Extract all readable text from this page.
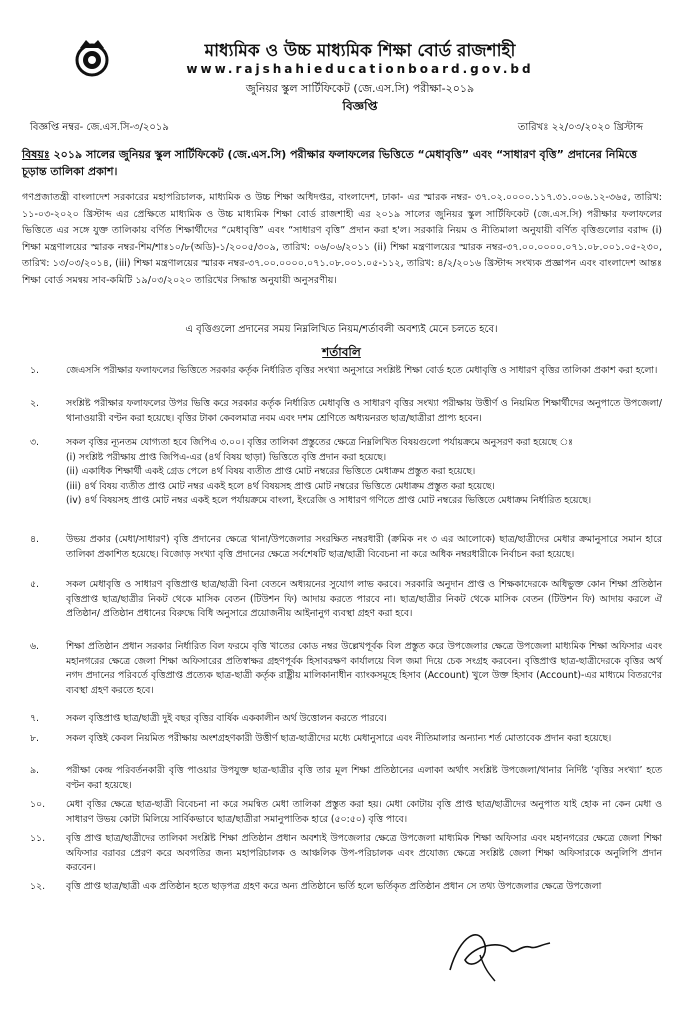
মাধ্যমিক ও উচ্চ মাধ্যমিক শিক্ষা বোর্ড রাজশাহী
www.rajshahieducationboard.gov.bd
জুনিয়র স্কুল সার্টিফিকেট (জে.এস.সি) পরীক্ষা-২০১৯
বিজ্ঞপ্তি
বিজ্ঞপ্তি নম্বর- জে.এস.সি-৩/২০১৯	তারিখঃ ২২/০৩/২০২০ খ্রিস্টাব্দ
বিষয়ঃ ২০১৯ সালের জুনিয়র স্কুল সার্টিফিকেট (জে.এস.সি) পরীক্ষার ফলাফলের ভিত্তিতে “মেধাবৃত্তি” এবং “সাধারণ বৃত্তি” প্রদানের নিমিত্তে চূড়ান্ত তালিকা প্রকাশ।
গণপ্রজাতন্ত্রী বাংলাদেশ সরকারের মহাপরিচালক, মাধ্যমিক ও উচ্চ শিক্ষা অধিদপ্তর, বাংলাদেশ, ঢাকা- এর স্মারক নম্বর- ৩৭.০২.০০০০.১১৭.৩১.০০৬.১২-৩৬৫, তারিখ: ১১-০৩-২০২০ খ্রিস্টাব্দ এর প্রেক্ষিতে মাধ্যমিক ও উচ্চ মাধ্যমিক শিক্ষা বোর্ড রাজশাহী এর ২০১৯ সালের জুনিয়র স্কুল সার্টিফিকেট (জে.এস.সি) পরীক্ষার ফলাফলের ভিত্তিতে এর সঙ্গে যুক্ত তালিকায় বর্ণিত শিক্ষার্থীদের “মেধাবৃত্তি” এবং “সাধারণ বৃত্তি” প্রদান করা হ'ল। সরকারি নিয়ম ও নীতিমালা অনুযায়ী বর্ণিত বৃত্তিগুলোর বরাদ্দ (i) শিক্ষা মন্ত্রণালয়ের স্মারক নম্বর-শিম/শাঃ১০/৮(অডি)-১/২০০৫/৩০৯, তারিখ: ০৬/০৬/২০১১ (ii) শিক্ষা মন্ত্রণালয়ের স্মারক নম্বর-৩৭.০০.০০০০.০৭১.০৮.০০১.০৫-২৩০, তারিখ: ১৩/০৩/২০১৪, (iii) শিক্ষা মন্ত্রণালয়ের স্মারক নম্বর-৩৭.০০.০০০০.০৭১.০৮.০০১.০৫-১১২, তারিখ: ৪/২/২০১৬ খ্রিস্টাব্দ সংখ্যক প্রজ্ঞাপন এবং বাংলাদেশ আন্তঃ শিক্ষা বোর্ড সমন্বয় সাব-কমিটি ১৯/০৩/২০২০ তারিখের সিদ্ধান্ত অনুযায়ী অনুসরণীয়।
এ বৃত্তিগুলো প্রদানের সময় নিম্নলিখিত নিয়ম/শর্তাবলী অবশ্যই মেনে চলতে হবে।
শর্তাবলি
১.	জেএসসি পরীক্ষার ফলাফলের ভিত্তিতে সরকার কর্তৃক নির্ধারিত বৃত্তির সংখ্যা অনুসারে সংশ্লিষ্ট শিক্ষা বোর্ড হতে মেধাবৃত্তি ও সাধারণ বৃত্তির তালিকা প্রকাশ করা হলো।
২.	সংশ্লিষ্ট পরীক্ষার ফলাফলের উপর ভিত্তি করে সরকার কর্তৃক নির্ধারিত মেধাবৃত্তি ও সাধারণ বৃত্তির সংখ্যা পরীক্ষায় উত্তীর্ণ ও নিয়মিত শিক্ষার্থীদের অনুপাতে উপজেলা/থানাওয়ারী বণ্টন করা হয়েছে। বৃত্তির টাকা কেবলমাত্র নবম এবং দশম শ্রেণিতে অধ্যয়নরত ছাত্র/ছাত্রীরা প্রাপ্য হবেন।
৩.	সকল বৃত্তির ন্যূনতম যোগ্যতা হবে জিপিএ ৩.০০। বৃত্তির তালিকা প্রস্তুতের ক্ষেত্রে নিম্নলিখিত বিষয়গুলো পর্যায়ক্রমে অনুসরণ করা হয়েছে ঃ
(i) সংশ্লিষ্ট পরীক্ষায় প্রাপ্ত জিপিএ-এর (৪র্থ বিষয় ছাড়া) ভিত্তিতে বৃত্তি প্রদান করা হয়েছে।
(ii) একাধিক শিক্ষার্থী একই গ্রেড পেলে ৪র্থ বিষয় ব্যতীত প্রাপ্ত মোট নম্বরের ভিত্তিতে মেধাক্রম প্রস্তুত করা হয়েছে।
(iii) ৪র্থ বিষয় ব্যতীত প্রাপ্ত মোট নম্বর একই হলে ৪র্থ বিষয়সহ প্রাপ্ত মোট নম্বরের ভিত্তিতে মেধাক্রম প্রস্তুত করা হয়েছে।
(iv) ৪র্থ বিষয়সহ প্রাপ্ত মোট নম্বর একই হলে পর্যায়ক্রমে বাংলা, ইংরেজি ও সাধারণ গণিতে প্রাপ্ত মোট নম্বরের ভিত্তিতে মেধাক্রম নির্ধারিত হয়েছে।
৪.	উভয় প্রকার (মেধা/সাধারণ) বৃত্তি প্রদানের ক্ষেত্রে থানা/উপজেলার সংরক্ষিত নম্বরধারী (ক্রমিক নং ৩ এর আলোকে) ছাত্র/ছাত্রীদের মেধার ক্রমানুসারে সমান হারে তালিকা প্রকাশিত হয়েছে। বিজোড় সংখ্যা বৃত্তি প্রদানের ক্ষেত্রে সর্বশেষটি ছাত্র/ছাত্রী বিবেচনা না করে অধিক নম্বরধারীকে নির্বাচন করা হয়েছে।
৫.	সকল মেধাবৃত্তি ও সাধারণ বৃত্তিপ্রাপ্ত ছাত্র/ছাত্রী বিনা বেতনে অধ্যয়নের সুযোগ লাভ করবে। সরকারি অনুদান প্রাপ্ত ও শিক্ষকাদেরকে অধিভুক্ত কোন শিক্ষা প্রতিষ্ঠান বৃত্তিপ্রাপ্ত ছাত্র/ছাত্রীর নিকট থেকে মাসিক বেতন (টিউশন ফি) আদায় করতে পারবে না। ছাত্র/ছাত্রীর নিকট থেকে মাসিক বেতন (টিউশন ফি) আদায় করলে ঐ প্রতিষ্ঠান/ প্রতিষ্ঠান প্রধানের বিরুদ্ধে বিধি অনুসারে প্রয়োজনীয় আইনানুগ ব্যবস্থা গ্রহণ করা হবে।
৬.	শিক্ষা প্রতিষ্ঠান প্রধান সরকার নির্ধারিত বিল ফরমে বৃত্তি খাতের কোড নম্বর উল্লেখপূর্বক বিল প্রস্তুত করে উপজেলার ক্ষেত্রে উপজেলা মাধ্যমিক শিক্ষা অফিসার এবং মহানগরের ক্ষেত্রে জেলা শিক্ষা অফিসারের প্রতিস্বাক্ষর গ্রহণপূর্বক হিসাবরক্ষণ কার্যালয়ে বিল জমা দিয়ে চেক সংগ্রহ করবেন। বৃত্তিপ্রাপ্ত ছাত্র-ছাত্রীদেরকে বৃত্তির অর্থ নগদ প্রদানের পরিবর্তে বৃত্তিপ্রাপ্ত প্রত্যেক ছাত্র-ছাত্রী কর্তৃক রাষ্ট্রীয় মালিকানাধীন ব্যাংকসমূহে হিসাব (Account) খুলে উক্ত হিসাব (Account)-এর মাধ্যমে বিতরণের ব্যবস্থা গ্রহণ করতে হবে।
৭.	সকল বৃত্তিপ্রাপ্ত ছাত্র/ছাত্রী দুই বছর বৃত্তির বার্ষিক এককালীন অর্থ উত্তোলন করতে পারবে।
৮.	সকল বৃত্তিই কেবল নিয়মিত পরীক্ষায় অংশগ্রহণকারী উত্তীর্ণ ছাত্র-ছাত্রীদের মধ্যে মেধানুসারে এবং নীতিমালার অন্যান্য শর্ত মোতাবেক প্রদান করা হয়েছে।
৯.	পরীক্ষা কেন্দ্র পরিবর্তনকারী বৃত্তি পাওয়ার উপযুক্ত ছাত্র-ছাত্রীর বৃত্তি তার মূল শিক্ষা প্রতিষ্ঠানের এলাকা অর্থাৎ সংশ্লিষ্ট উপজেলা/থানার নির্দিষ্ট ‘বৃত্তির সংখ্যা’ হতে বণ্টন করা হয়েছে।
১০.	মেধা বৃত্তির ক্ষেত্রে ছাত্র-ছাত্রী বিবেচনা না করে সমন্বিত মেধা তালিকা প্রস্তুত করা হয়। মেধা কোটায় বৃত্তি প্রাপ্ত ছাত্র/ছাত্রীদের অনুপাত যাই হোক না কেন মেধা ও সাধারণ উভয় কোটা মিলিয়ে সার্বিকভাবে ছাত্র/ছাত্রীরা সমানুপাতিক হারে (৫০:৫০) বৃত্তি পাবে।
১১.	বৃত্তি প্রাপ্ত ছাত্র/ছাত্রীদের তালিকা সংশ্লিষ্ট শিক্ষা প্রতিষ্ঠান প্রধান অবশ্যই উপজেলার ক্ষেত্রে উপজেলা মাধ্যমিক শিক্ষা অফিসার এবং মহানগরের ক্ষেত্রে জেলা শিক্ষা অফিসার বরাবর প্রেরণ করে অবগতির জন্য মহাপরিচালক ও আঞ্চলিক উপ-পরিচালক এবং প্রযোজ্য ক্ষেত্রে সংশ্লিষ্ট জেলা শিক্ষা অফিসারকে অনুলিপি প্রদান করবেন।
১২.	বৃত্তি প্রাপ্ত ছাত্র/ছাত্রী এক প্রতিষ্ঠান হতে ছাড়পত্র গ্রহণ করে অন্য প্রতিষ্ঠানে ভর্তি হলে ভর্তিকৃত প্রতিষ্ঠান প্রধান সে তথ্য উপজেলার ক্ষেত্রে উপজেলা
